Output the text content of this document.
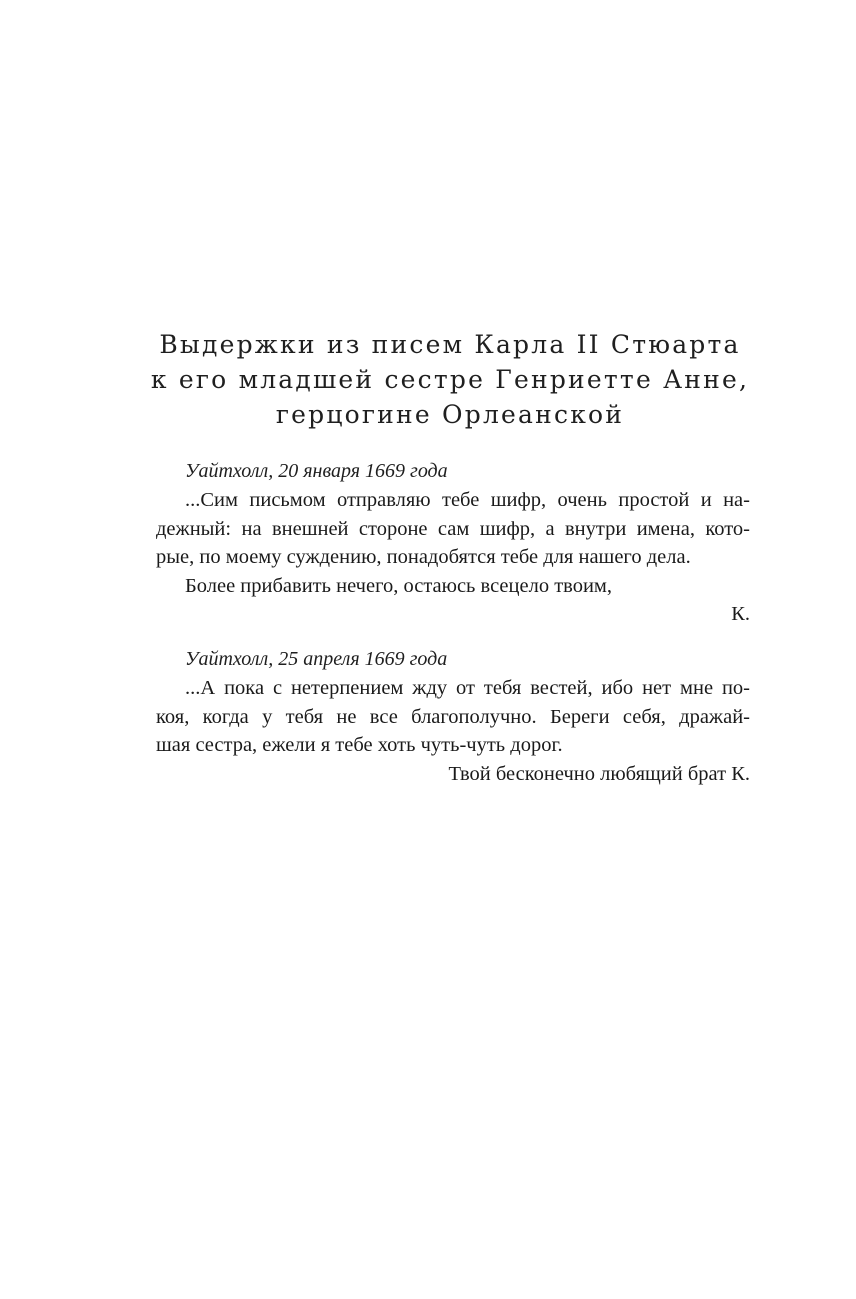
Выдержки из писем Карла II Стюарта
к его младшей сестре Генриетте Анне,
герцогине Орлеанской
Уайтхолл, 20 января 1669 года
...Сим письмом отправляю тебе шифр, очень простой и на-
дежный: на внешней стороне сам шифр, а внутри имена, кото-
рые, по моему суждению, понадобятся тебе для нашего дела.
Более прибавить нечего, остаюсь всецело твоим,
К.
Уайтхолл, 25 апреля 1669 года
...А пока с нетерпением жду от тебя вестей, ибо нет мне по-
коя, когда у тебя не все благополучно. Береги себя, дражай-
шая сестра, ежели я тебе хоть чуть-чуть дорог.
Твой бесконечно любящий брат К.
